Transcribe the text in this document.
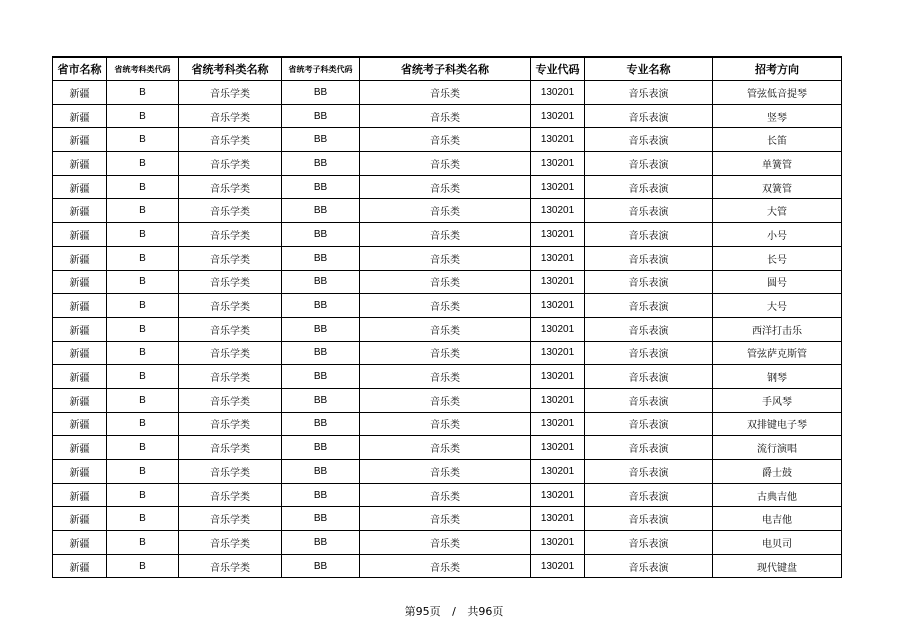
省市名称	省统考科类代码	省统考科类名称	省统考子科类代码	省统考子科类名称	专业代码	专业名称	招考方向
新疆	B	音乐学类	BB	音乐类	130201	音乐表演	管弦低音提琴
新疆	B	音乐学类	BB	音乐类	130201	音乐表演	竖琴
新疆	B	音乐学类	BB	音乐类	130201	音乐表演	长笛
新疆	B	音乐学类	BB	音乐类	130201	音乐表演	单簧管
新疆	B	音乐学类	BB	音乐类	130201	音乐表演	双簧管
新疆	B	音乐学类	BB	音乐类	130201	音乐表演	大管
新疆	B	音乐学类	BB	音乐类	130201	音乐表演	小号
新疆	B	音乐学类	BB	音乐类	130201	音乐表演	长号
新疆	B	音乐学类	BB	音乐类	130201	音乐表演	圆号
新疆	B	音乐学类	BB	音乐类	130201	音乐表演	大号
新疆	B	音乐学类	BB	音乐类	130201	音乐表演	西洋打击乐
新疆	B	音乐学类	BB	音乐类	130201	音乐表演	管弦萨克斯管
新疆	B	音乐学类	BB	音乐类	130201	音乐表演	钢琴
新疆	B	音乐学类	BB	音乐类	130201	音乐表演	手风琴
新疆	B	音乐学类	BB	音乐类	130201	音乐表演	双排键电子琴
新疆	B	音乐学类	BB	音乐类	130201	音乐表演	流行演唱
新疆	B	音乐学类	BB	音乐类	130201	音乐表演	爵士鼓
新疆	B	音乐学类	BB	音乐类	130201	音乐表演	古典吉他
新疆	B	音乐学类	BB	音乐类	130201	音乐表演	电吉他
新疆	B	音乐学类	BB	音乐类	130201	音乐表演	电贝司
新疆	B	音乐学类	BB	音乐类	130201	音乐表演	现代键盘
第95页 / 共96页
